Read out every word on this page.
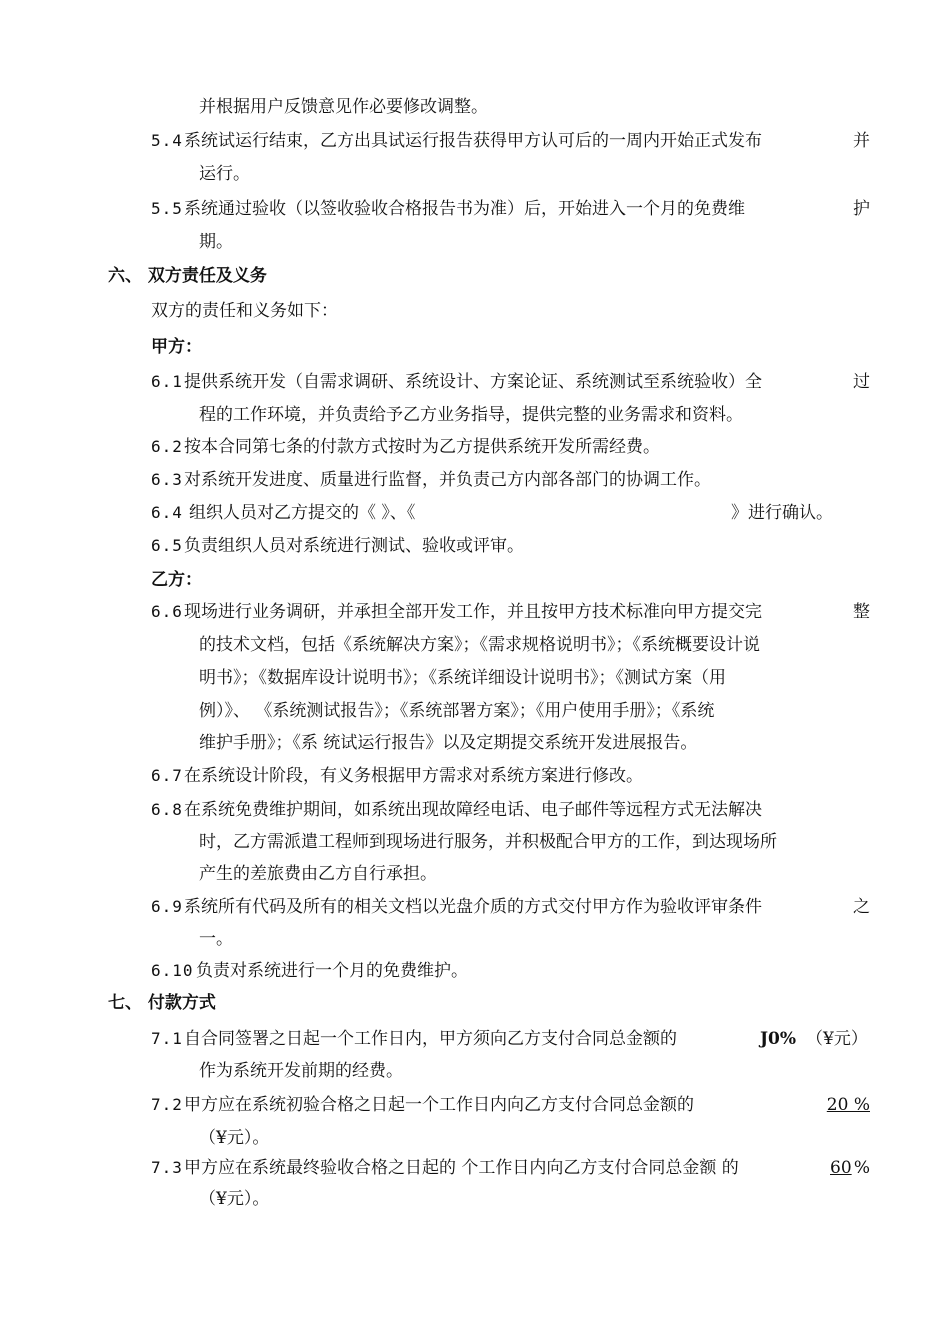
并根据用户反馈意见作必要修改调整。
5.4 系统试运行结束，乙方出具试运行报告获得甲方认可后的一周内开始正式发布	并
运行。
5.5 系统通过验收（以签收验收合格报告书为准）后，开始进入一个月的免费维	护
期。
六、 双方责任及义务
双方的责任和义务如下：
甲方：
6.1 提供系统开发（自需求调研、系统设计、方案论证、系统测试至系统验收）全	过
程的工作环境，并负责给予乙方业务指导，提供完整的业务需求和资料。
6.2 按本合同第七条的付款方式按时为乙方提供系统开发所需经费。
6.3 对系统开发进度、质量进行监督，并负责己方内部各部门的协调工作。
6.4 组织人员对乙方提交的《 》、《	》进行确认。
6.5 负责组织人员对系统进行测试、验收或评审。
乙方：
6.6 现场进行业务调研，并承担全部开发工作，并且按甲方技术标准向甲方提交完	整
的技术文档，包括《系统解决方案》；《需求规格说明书》；《系统概要设计说
明书》；《数据库设计说明书》；《系统详细设计说明书》；《测试方案（用
例）》、 《系统测试报告》；《系统部署方案》；《用户使用手册》；《系统
维护手册》；《系 统试运行报告》以及定期提交系统开发进展报告。
6.7 在系统设计阶段，有义务根据甲方需求对系统方案进行修改。
6.8 在系统免费维护期间，如系统出现故障经电话、电子邮件等远程方式无法解决
时，乙方需派遣工程师到现场进行服务，并积极配合甲方的工作，到达现场所
产生的差旅费由乙方自行承担。
6.9 系统所有代码及所有的相关文档以光盘介质的方式交付甲方作为验收评审条件	之
一。
6.10 负责对系统进行一个月的免费维护。
七、 付款方式
7.1 自合同签署之日起一个工作日内，甲方须向乙方支付合同总金额的	J0% （¥元）
作为系统开发前期的经费。
7.2 甲方应在系统初验合格之日起一个工作日内向乙方支付合同总金额的	20 %
（¥元）。
7.3 甲方应在系统最终验收合格之日起的 个工作日内向乙方支付合同总金额 的	60 %
（¥元）。
